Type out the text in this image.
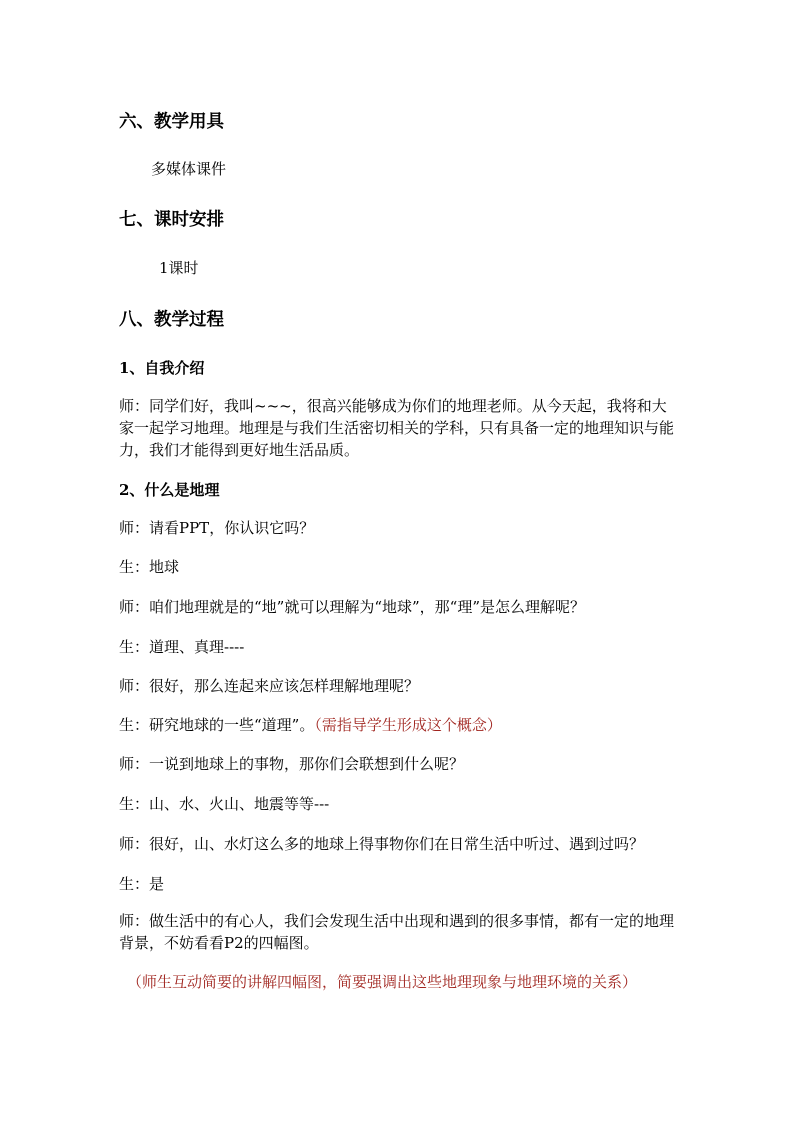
六、教学用具
多媒体课件
七、课时安排
1课时
八、教学过程
1、自我介绍
师：同学们好，我叫~~~，很高兴能够成为你们的地理老师。从今天起，我将和大家一起学习地理。地理是与我们生活密切相关的学科，只有具备一定的地理知识与能力，我们才能得到更好地生活品质。
2、什么是地理
师：请看PPT，你认识它吗？
生：地球
师：咱们地理就是的“地”就可以理解为“地球”，那“理”是怎么理解呢？
生：道理、真理----
师：很好，那么连起来应该怎样理解地理呢？
生：研究地球的一些“道理”。（需指导学生形成这个概念）
师：一说到地球上的事物，那你们会联想到什么呢？
生：山、水、火山、地震等等---
师：很好，山、水灯这么多的地球上得事物你们在日常生活中听过、遇到过吗？
生：是
师：做生活中的有心人，我们会发现生活中出现和遇到的很多事情，都有一定的地理背景，不妨看看P2的四幅图。
（师生互动简要的讲解四幅图，简要强调出这些地理现象与地理环境的关系）
